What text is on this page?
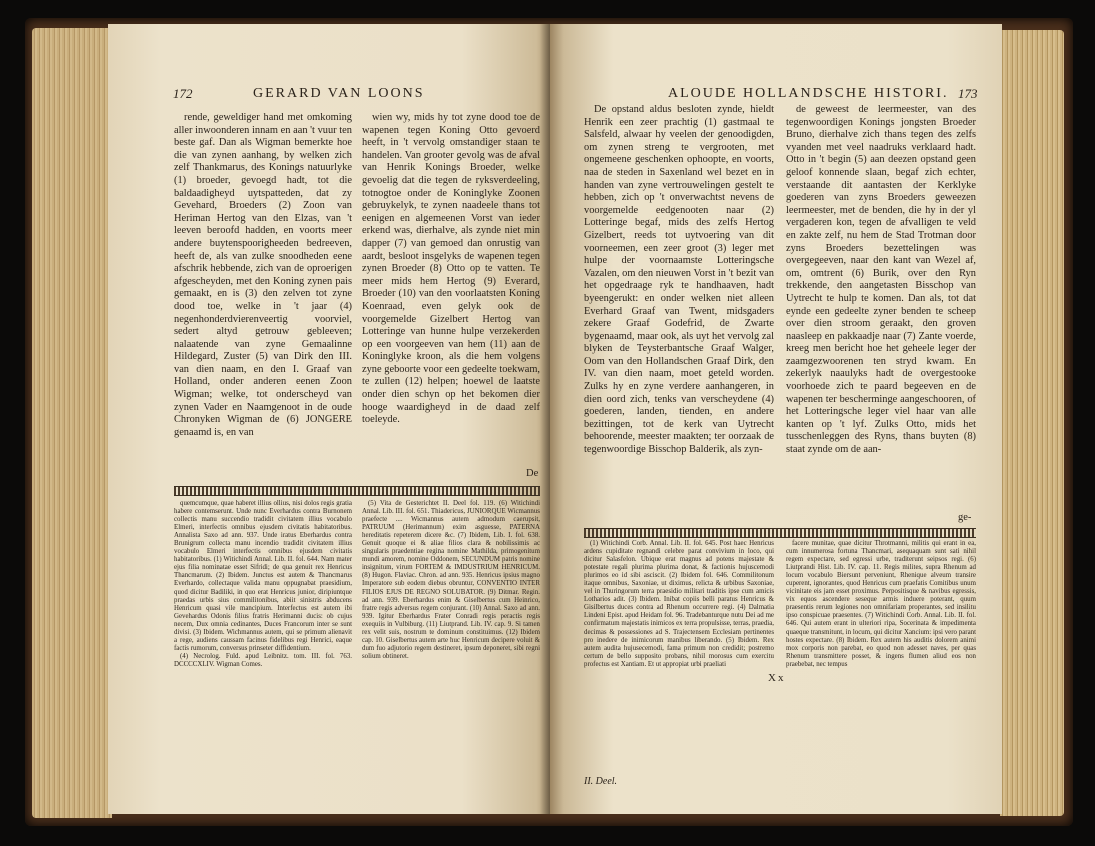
172	GERARD VAN LOONS

rende, geweldiger hand met omkoming aller inwoonderen innam en aan 't vuur ten beste gaf. Dan als Wigman bemerkte hoe die van zynen aanhang, by welken zich zelf Thankmarus, des Konings natuurlyke (1) broeder, gevoegd hadt, tot die baldaadigheyd uytspatteden, dat zy Gevehard, Broeders (2) Zoon van Heriman Hertog van den Elzas, van 't leeven beroofd hadden, en voorts meer andere buytenspoorigheeden bedreeven, heeft de, als van zulke snoodheden eene afschrik hebbende, zich van de oproerigen afgescheyden, met den Koning zynen pais gemaakt, en is (3) den zelven tot zyne dood toe, welke in 't jaar (4) negenhonderdvierenveertig voorviel, sedert altyd getrouw gebleeven; nalaatende van zyne Gemaalinne Hildegard, Zuster (5) van Dirk den III. van dien naam, en den I. Graaf van Holland, onder anderen eenen Zoon Wigman; welke, tot onderscheyd van zynen Vader en Naamgenoot in de oude Chronyken Wigman de (6) JONGERE genaamd is, en van

wien wy, mids hy tot zyne dood toe de wapenen tegen Koning Otto gevoerd heeft, in 't vervolg omstandiger staan te handelen. Van grooter gevolg was de afval van Henrik Konings Broeder, welke gevoelig dat die tegen de ryksverdeeling, totnogtoe onder de Koninglyke Zoonen gebruykelyk, te zynen naadeele thans tot eenigen en algemeenen Vorst van ieder erkend was, dierhalve, als zynde niet min dapper (7) van gemoed dan onrustig van aardt, besloot insgelyks de wapenen tegen zynen Broeder (8) Otto op te vatten. Te meer mids hem Hertog (9) Everard, Broeder (10) van den voorlaatsten Koning Koenraad, even gelyk ook de voorgemelde Gizelbert Hertog van Lotteringe van hunne hulpe verzekerden op een voorgeeven van hem (11) aan de Koninglyke kroon, als die hem volgens zyne geboorte voor een gedeelte toekwam, te zullen (12) helpen; hoewel de laatste onder dien schyn op het bekomen dier hooge waardigheyd in de daad zelf toeleyde.

De

quemcumque, quae haberet illius ollius, nisi dolos regis gratia habere contemserunt. Unde nunc Everhardus contra Burnonem collectis manu succendio tradidit civitatem illius vocabulo Elmeri, interfectis omnibus ejusdem civitatis habitatoribus. Annalista Saxo ad ann. 937. Unde iratus Eberhardus contra Brunigrum collecta manu incendio tradidit civitatem illius vocabulo Elmeri interfectis omnibus ejusdem civitatis habitatoribus. (1) Witichindi Annal. Lib. II. fol. 644. Nam mater ejus filia nominatae esset Sifridi; de qua genuit rex Henricus Thancmarum. (2) Ibidem. Junctus est autem & Thancmarus Everhardo, collectaque valida manu oppugnabat praesidium, quod dicitur Badiliki, in quo erat Henricus junior, diripiuntque praedas urbis sius commilitonibus, abiit sinistris abducens Henricum quasi vile mancipium. Interfectus est autem ibi Gevehardus Odonis filius fratris Herimanni ducis: ob cujus necem, Dux omnia cedinantes, Duces Francorum inter se sunt divisi. (3) Ibidem. Wichmannus autem, qui se primum alienavit a rege, audiens caussam facinus fidelibus regi Henrici, eaque factis rumorum, conversus prinseter diffidentium.

(4) Necrolog. Fuld. apud Leibnitz. tom. III. fol. 763. DCCCCXLIV. Wigman Comes.

(5) Vita de Gesterichtet II. Deel fol. 119. (6) Witichindi Annal. Lib. III. fol. 651. Thiadericus, JUNIORQUE Wicmannus praefecte .... Wicmannus autem admodum caerupsit, PATRUUM (Herimannum) exim asguesse, PATERNA hereditatis repeterem dicere &c. (7) Ibidem, Lib. I. fol. 638. Genuit quoque ei & aliae filios clara & nobilissimis ac singularis praedentiae regina nomine Mathilda, primogenitum mundi amorem, nomine Oddonem, SECUNDUM patris nomine insignitum, virum FORTEM & IMDUSTRIUM HENRICUM. (8) Hugon. Flaviac. Chron. ad ann. 935. Henricus ipsius magno Imperatore sub eodem diebus obruntur, CONVENTIO INTER FILIOS EJUS DE REGNO SOLUBATOR. (9) Ditmar. Regin. ad ann. 939. Eberhardus enim & Giselbertus cum Heinrico, fratre regis adversus regem conjurant. (10) Annal. Saxo ad ann. 939. Igitur Eberhardus Frater Conradi regis peractis regis exequiis in Vulbiburg. (11) Liutprand. Lib. IV. cap. 9. Si tamen rex velit suis, nostrum te dominum constituimus. (12) Ibidem cap. 10. Giselbertus autem arte huc Henricum decipere voluit & dum fuo adjutorio regem destineret, ipsum deponeret, sibi regni solium obtineret.

ALOUDE HOLLANDSCHE HISTORI. 173

De opstand aldus besloten zynde, hieldt Henrik een zeer prachtig (1) gastmaal te Salsfeld, alwaar hy veelen der genoodigden, om zynen streng te vergrooten, met ongemeene geschenken ophoopte, en voorts, naa de steden in Saxenland wel bezet en in handen van zyne vertrouwelingen gestelt te hebben, zich op 't onverwachtst nevens de voorgemelde eedgenooten naar (2) Lotteringe begaf, mids des zelfs Hertog Gizelbert, reeds tot uytvoering van dit voorneemen, een zeer groot (3) leger met hulpe der voornaamste Lotteringsche Vazalen, om den nieuwen Vorst in 't bezit van het opgedraage ryk te handhaaven, hadt byeengerukt: en onder welken niet alleen Everhard Graaf van Twent, midsgaders zekere Graaf Godefrid, de Zwarte bygenaamd, maar ook, als uyt het vervolg zal blyken de Teysterbantsche Graaf Walger, Oom van den Hollandschen Graaf Dirk, den IV. van dien naam, moet geteld worden. Zulks hy en zyne verdere aanhangeren, in dien oord zich, tenks van verscheydene (4) goederen, landen, tienden, en andere bezittingen, tot de kerk van Uytrecht behoorende, meester maakten; ter oorzaak de tegenwoordige Bisschop Balderik, als zyn-

de geweest de leermeester, van des tegenwoordigen Konings jongsten Broeder Bruno, dierhalve zich thans tegen des zelfs vyanden met veel naadruks verklaard hadt. Otto in 't begin (5) aan deezen opstand geen geloof konnende slaan, begaf zich echter, verstaande dit aantasten der Kerklyke goederen van zyns Broeders geweezen leermeester, met de benden, die hy in der yl vergaderen kon, tegen de afvalligen te veld en zakte zelf, nu hem de Stad Trotman door zyns Broeders bezettelingen was overgegeeven, naar den kant van Wezel af, om, omtrent (6) Burik, over den Ryn trekkende, den aangetasten Bisschop van Uytrecht te hulp te komen. Dan als, tot dat eynde een gedeelte zyner benden te scheep over dien stroom geraakt, den groven naasleep en pakkaadje naar (7) Zante voerde, kreeg men bericht hoe het geheele leger der zaamgezwoorenen ten stryd kwam. En zekerlyk naaulyks hadt de overgestooke voorhoede zich te paard begeeven en de wapenen ter bescherminge aangeschooren, of het Lotteringsche leger viel haar van alle kanten op 't lyf. Zulks Otto, mids het tusschenleggen des Ryns, thans buyten (8) staat zynde om de aan-

ge-

(1) Witichindi Corb. Annal. Lib. II. fol. 645. Post haec Henricus ardens cupiditate regnandi celebre parat convivium in loco, qui dicitur Salasfelon. Ubique erat magnus ad potens majestate & potestate regali plurima plurima donat, & factionis hujuscemodi plurimos eo id sibi asciscit. (2) Ibidem fol. 646. Commilitonum itaque omnibus, Saxoniae, ut diximus, relicta & urbibus Saxoniae, vel in Thuringorum terra praesidio militari traditis ipse cum amicis Lotharios adit. (3) Ibidem. Inibat copiis belli paratus Henricus & Gisilbertus duces contra ad Rhenum occurrere regi. (4) Dalmatia Lindeni Epist. apud Heidam fol. 96. Tradebanturque nutu Dei ad me confirmatum majestatis inimicos ex terra propulsisse, terras, praedia, decimas & possessiones ad S. Trajectensem Ecclesiam pertinentes pro inedere de inimicorum manibus liberando. (5) Ibidem. Rex autem audita hujusecemodi, fama primum non credidit; postremo certum de bello supposito probans, nihil morosus cum exercitu profectus est Xantiam. Et ut appropiat urbi praeliati

II. Deel.

facere munitae, quae dicitur Throtmanni, militis qui erant in ea, cum innumerosa fortuna Thancmari, asequaquam sunt sati nihil regem expectare, sed egressi urbe, traditerunt seipsos regi. (6) Liutprandi Hist. Lib. IV. cap. 11. Regis milites, supra Rhenum ad locum vocabulo Biersunt perveniunt, Rhenique alveum transire cuperent, ignorantes, quod Henricus cum praefatis Comitibus unum vicinitate eis jam esset proximus. Perpositisque & navibus egressis, vix equos ascendere seseque armis induere poterant, quum praesentis rerum legiones non omnifariam properantes, sed insilitu ipso conspicuae praesentes. (7) Witichindi Corb. Annal. Lib. II. fol. 646. Qui autem erant in ulteriori ripa, Socerinata & impedimenta quaeque transmitunt, in locum, qui dicitur Xancium: ipsi vero parant hostes expectare. (8) Ibidem. Rex autem his auditis dolorem animi mox corporis non parebat, eo quod non adesset naves, per quas Rhenum transmittere posset, & ingens flumen aliud eos non praebebat, nec tempus

Xx
